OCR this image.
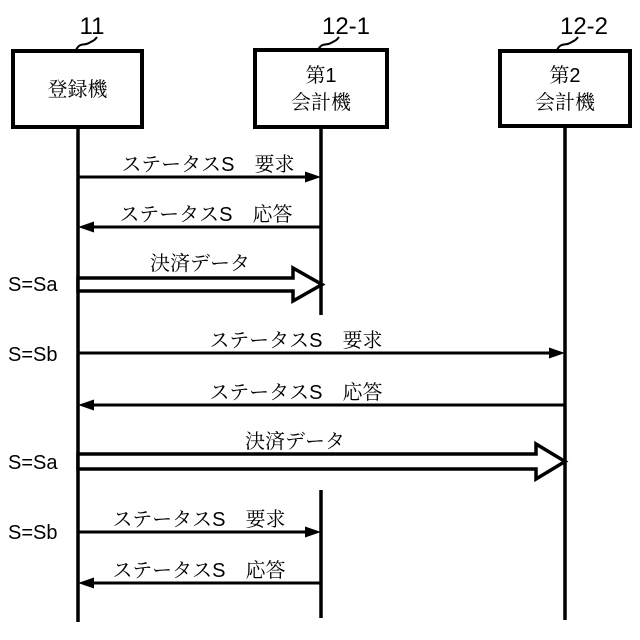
11	12-1	12-2
登録機
第1
会計機
第2
会計機
ステータスS　要求
ステータスS　応答
決済データ
ステータスS　要求
ステータスS　応答
決済データ
ステータスS　要求
ステータスS　応答
S=Sa
S=Sb
S=Sa
S=Sb
